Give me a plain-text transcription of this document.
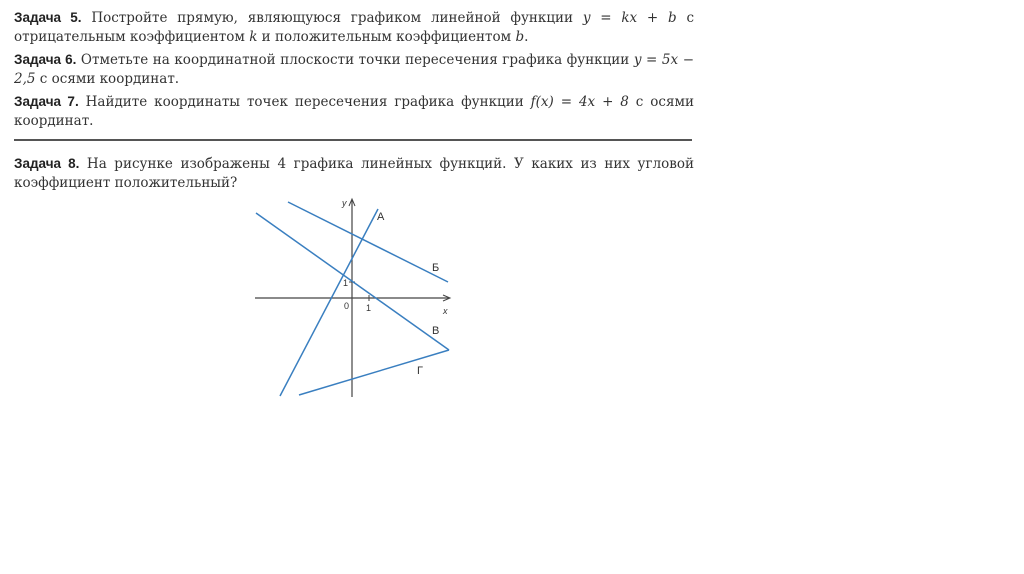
Задача 5. Постройте прямую, являющуюся графиком линейной функции y = kx + b с отрицательным коэффициентом k и положительным коэффициентом b.

Задача 6. Отметьте на координатной плоскости точки пересечения графика функции y = 5x − 2,5 с осями координат.

Задача 7. Найдите координаты точек пересечения графика функции f(x) = 4x + 8 с осями координат.

Задача 8. На рисунке изображены 4 графика линейных функций. У каких из них угловой коэффициент положительный?

y
x
0 1
1
А
Б
В
Г
